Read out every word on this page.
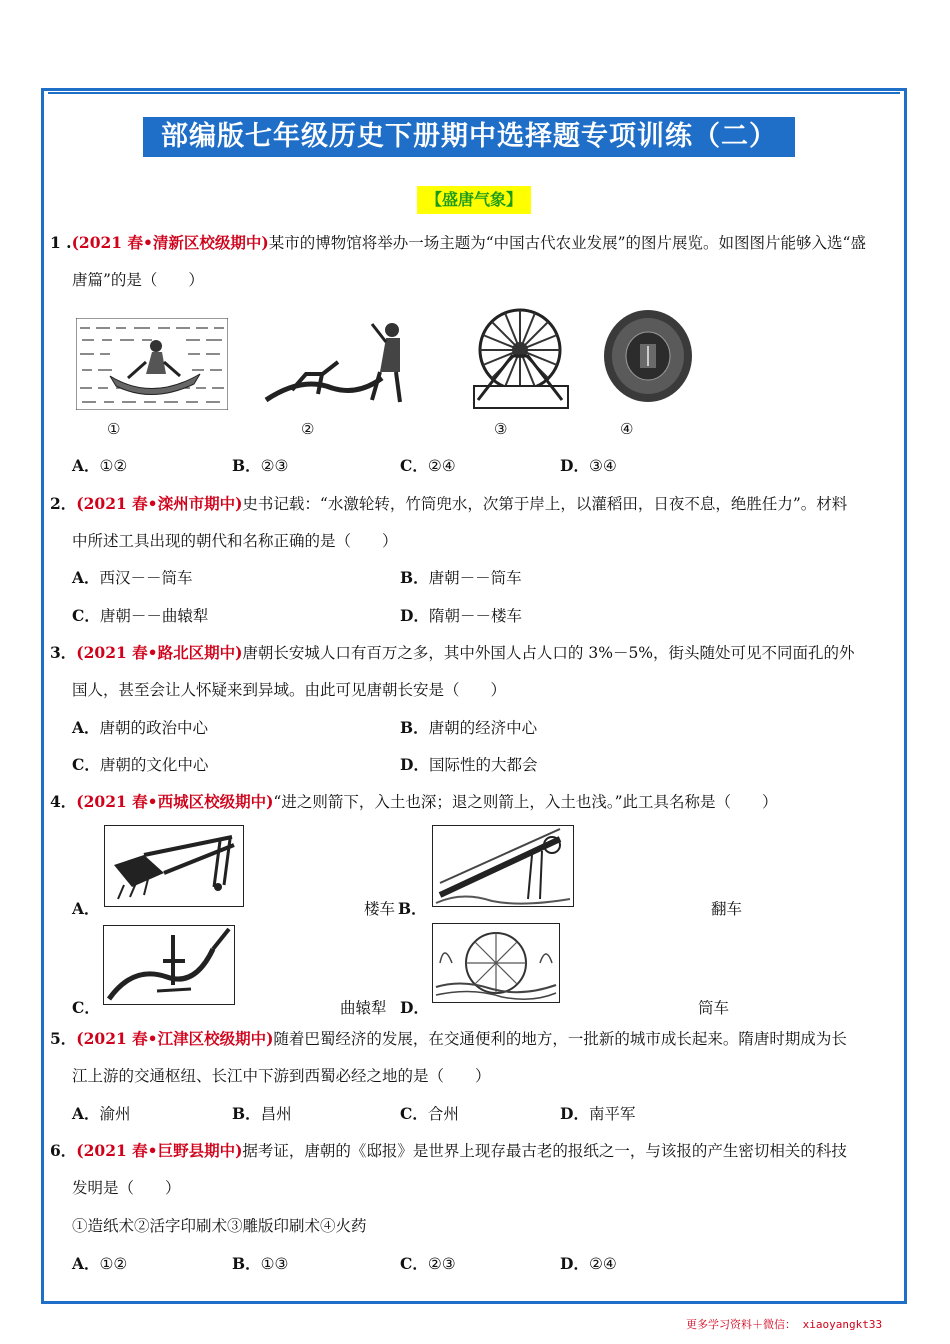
部编版七年级历史下册期中选择题专项训练（二）
【盛唐气象】
1 .(2021 春•清新区校级期中)某市的博物馆将举办一场主题为“中国古代农业发展”的图片展览。如图图片能够入选“盛
唐篇”的是（　　）
①	②	③	④
A．①②	B．②③	C．②④	D．③④
2．(2021 春•滦州市期中)史书记载：“水激轮转，竹筒兜水，次第于岸上，以灌稻田，日夜不息，绝胜任力”。材料
中所述工具出现的朝代和名称正确的是（　　）
A．西汉－－筒车	B．唐朝－－筒车
C．唐朝－－曲辕犁	D．隋朝－－楼车
3．(2021 春•路北区期中)唐朝长安城人口有百万之多，其中外国人占人口的 3%－5%，街头随处可见不同面孔的外
国人，甚至会让人怀疑来到异域。由此可见唐朝长安是（　　）
A．唐朝的政治中心	B．唐朝的经济中心
C．唐朝的文化中心	D．国际性的大都会
4．(2021 春•西城区校级期中)“进之则箭下，入土也深；退之则箭上，入土也浅。”此工具名称是（　　）
A．	楼车 B．	翻车
C．	曲辕犁 D．	筒车
5．(2021 春•江津区校级期中)随着巴蜀经济的发展，在交通便利的地方，一批新的城市成长起来。隋唐时期成为长
江上游的交通枢纽、长江中下游到西蜀必经之地的是（　　）
A．渝州	B．昌州	C．合州	D．南平军
6．(2021 春•巨野县期中)据考证，唐朝的《邸报》是世界上现存最古老的报纸之一，与该报的产生密切相关的科技
发明是（　　）
①造纸术②活字印刷术③雕版印刷术④火药
A．①②	B．①③	C．②③	D．②④
更多学习资料＋微信： xiaoyangkt33
